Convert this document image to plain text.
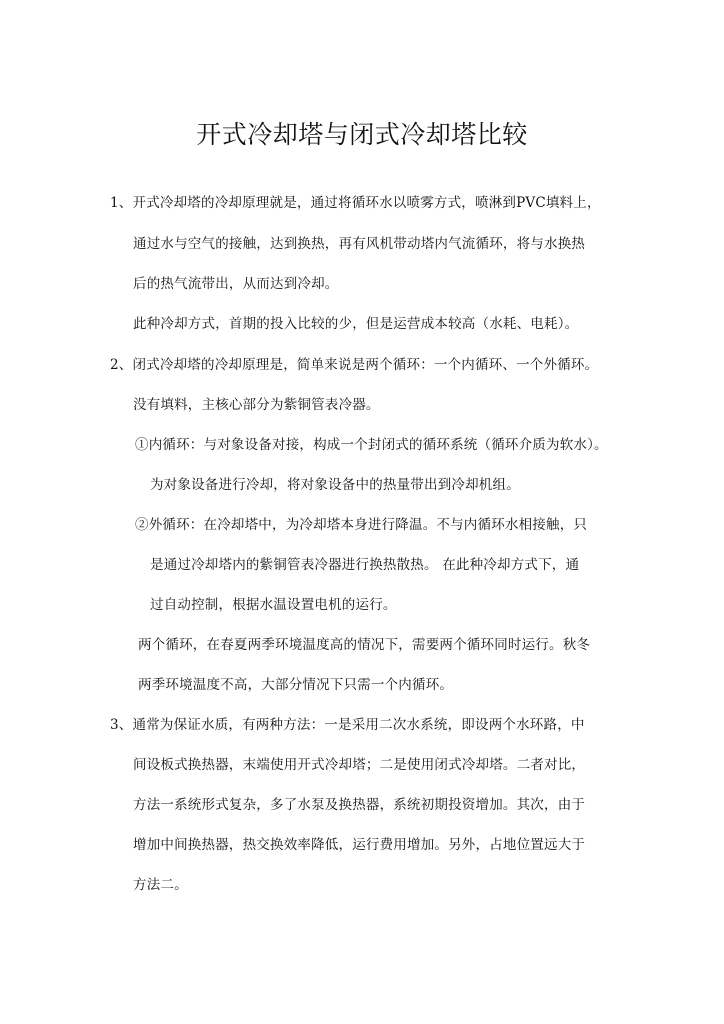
开式冷却塔与闭式冷却塔比较
1、开式冷却塔的冷却原理就是，通过将循环水以喷雾方式，喷淋到PVC填料上，
通过水与空气的接触，达到换热，再有风机带动塔内气流循环，将与水换热
后的热气流带出，从而达到冷却。
此种冷却方式，首期的投入比较的少，但是运营成本较高（水耗、电耗）。
2、闭式冷却塔的冷却原理是，简单来说是两个循环：一个内循环、一个外循环。
没有填料，主核心部分为紫铜管表冷器。
①内循环：与对象设备对接，构成一个封闭式的循环系统（循环介质为软水）。
为对象设备进行冷却，将对象设备中的热量带出到冷却机组。
②外循环：在冷却塔中，为冷却塔本身进行降温。不与内循环水相接触，只
是通过冷却塔内的紫铜管表冷器进行换热散热。 在此种冷却方式下，通
过自动控制，根据水温设置电机的运行。
两个循环，在春夏两季环境温度高的情况下，需要两个循环同时运行。秋冬
两季环境温度不高，大部分情况下只需一个内循环。
3、通常为保证水质，有两种方法：一是采用二次水系统，即设两个水环路，中
间设板式换热器，末端使用开式冷却塔；二是使用闭式冷却塔。二者对比，
方法一系统形式复杂，多了水泵及换热器，系统初期投资增加。其次，由于
增加中间换热器，热交换效率降低，运行费用增加。另外，占地位置远大于
方法二。
